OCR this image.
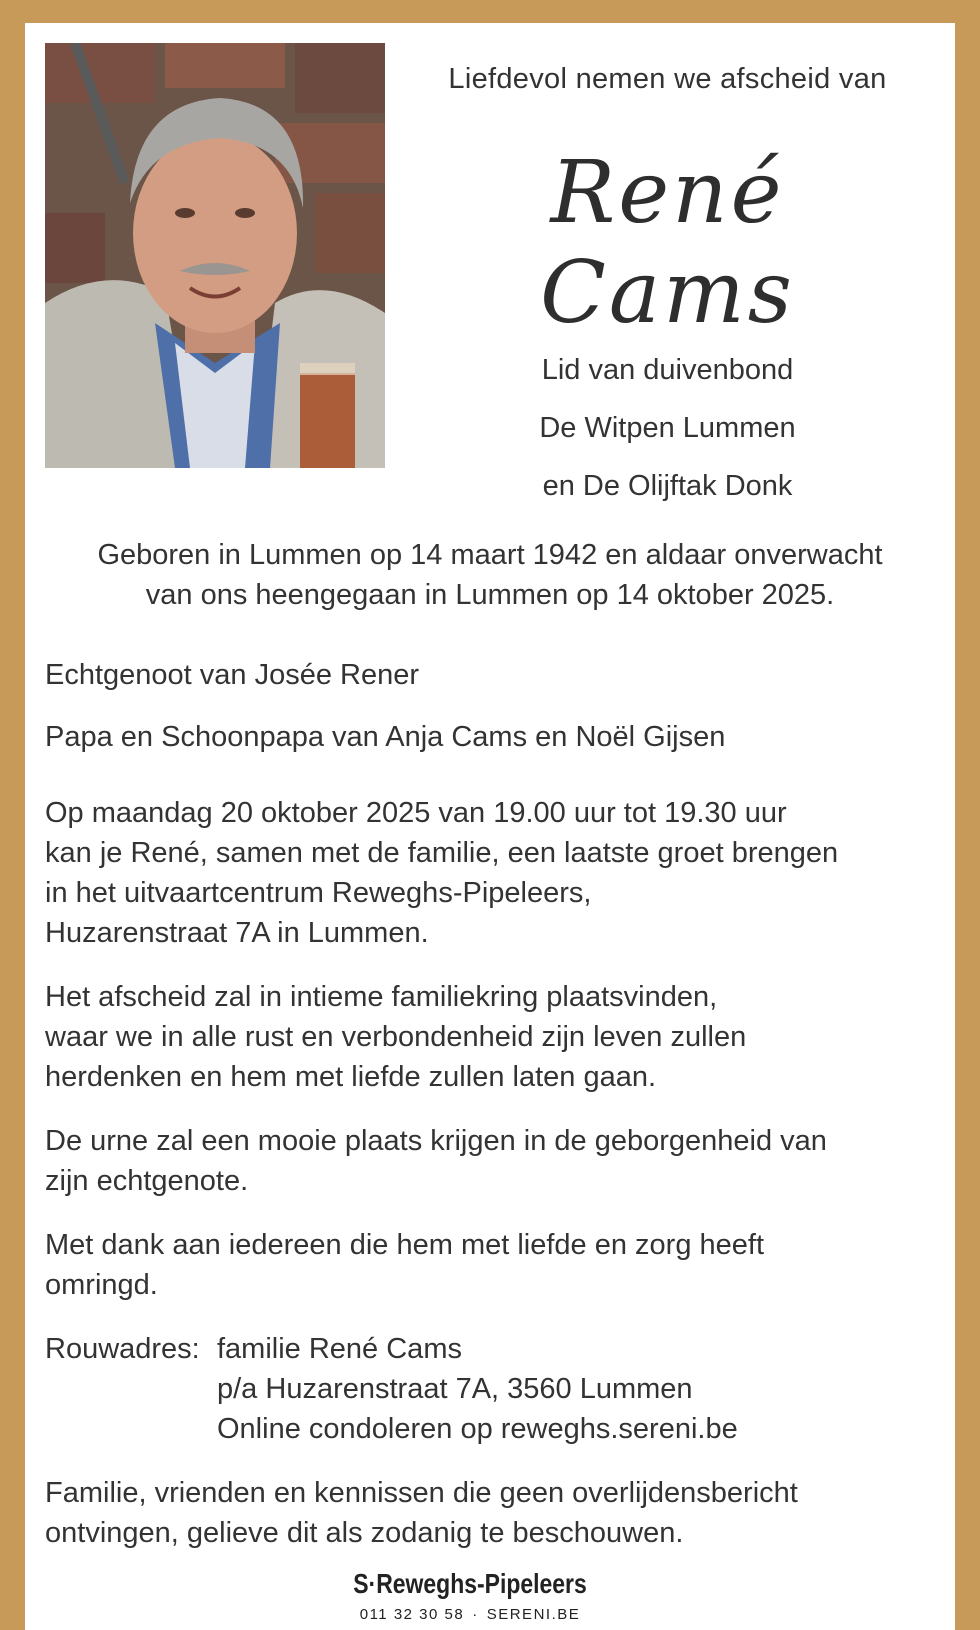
Liefdevol nemen we afscheid van
René Cams
Lid van duivenbond
De Witpen Lummen
en De Olijftak Donk
Geboren in Lummen op 14 maart 1942 en aldaar onverwacht
van ons heengegaan in Lummen op 14 oktober 2025.

Echtgenoot van Josée Rener

Papa en Schoonpapa van Anja Cams en Noël Gijsen

Op maandag 20 oktober 2025 van 19.00 uur tot 19.30 uur

kan je René, samen met de familie, een laatste groet brengen

in het uitvaartcentrum Reweghs-Pipeleers,

Huzarenstraat 7A in Lummen.

Het afscheid zal in intieme familiekring plaatsvinden,

waar we in alle rust en verbondenheid zijn leven zullen

herdenken en hem met liefde zullen laten gaan.

De urne zal een mooie plaats krijgen in de geborgenheid van

zijn echtgenote.

Met dank aan iedereen die hem met liefde en zorg heeft

omringd.

Rouwadres: familie René Cams
p/a Huzarenstraat 7A, 3560 Lummen
Online condoleren op reweghs.sereni.be

Familie, vrienden en kennissen die geen overlijdensbericht

ontvingen, gelieve dit als zodanig te beschouwen.

S·Reweghs-Pipeleers
011 32 30 58 · SERENI.BE
